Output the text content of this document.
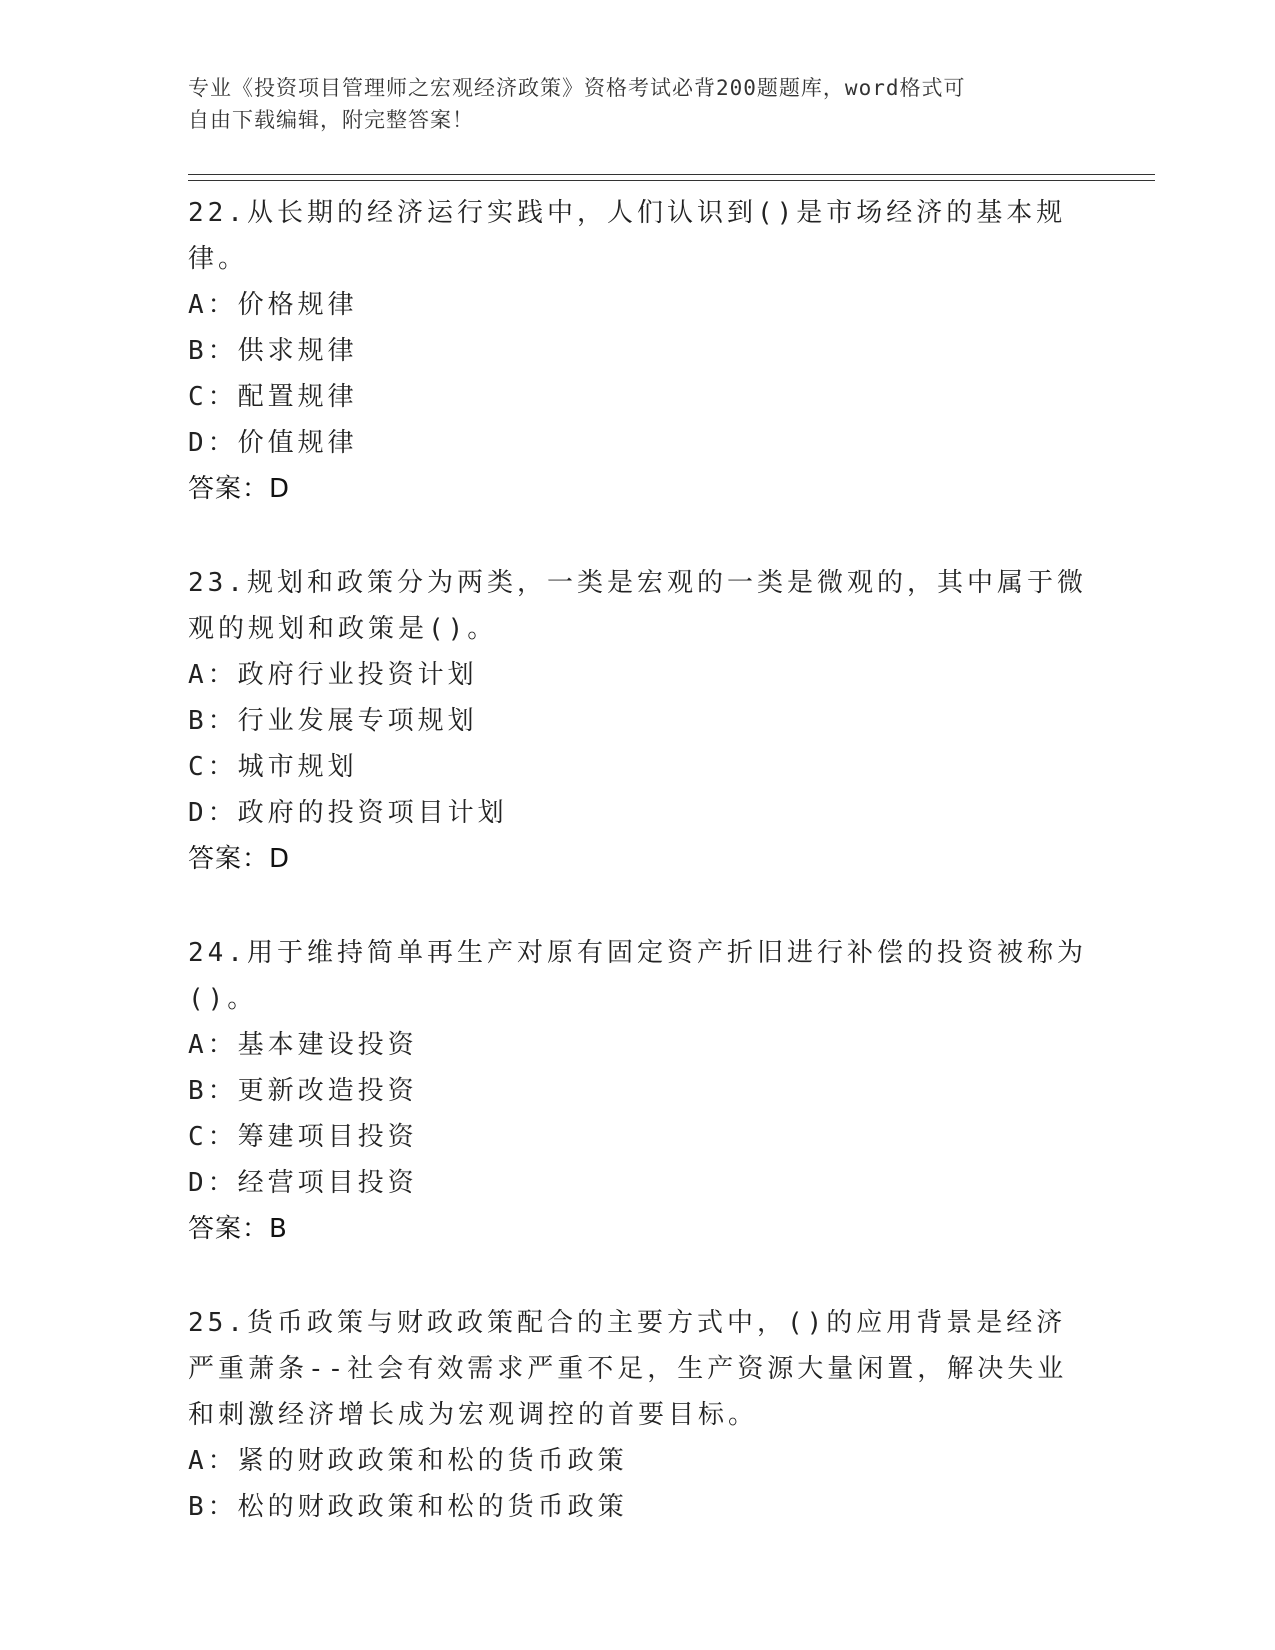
专业《投资项目管理师之宏观经济政策》资格考试必背200题题库，word格式可
自由下载编辑，附完整答案！
22.从长期的经济运行实践中，人们认识到()是市场经济的基本规律。
A：价格规律
B：供求规律
C：配置规律
D：价值规律
答案：D
23.规划和政策分为两类，一类是宏观的一类是微观的，其中属于微观的规划和政策是()。
A：政府行业投资计划
B：行业发展专项规划
C：城市规划
D：政府的投资项目计划
答案：D
24.用于维持简单再生产对原有固定资产折旧进行补偿的投资被称为()。
A：基本建设投资
B：更新改造投资
C：筹建项目投资
D：经营项目投资
答案：B
25.货币政策与财政政策配合的主要方式中，()的应用背景是经济严重萧条--社会有效需求严重不足，生产资源大量闲置，解决失业和刺激经济增长成为宏观调控的首要目标。
A：紧的财政政策和松的货币政策
B：松的财政政策和松的货币政策
